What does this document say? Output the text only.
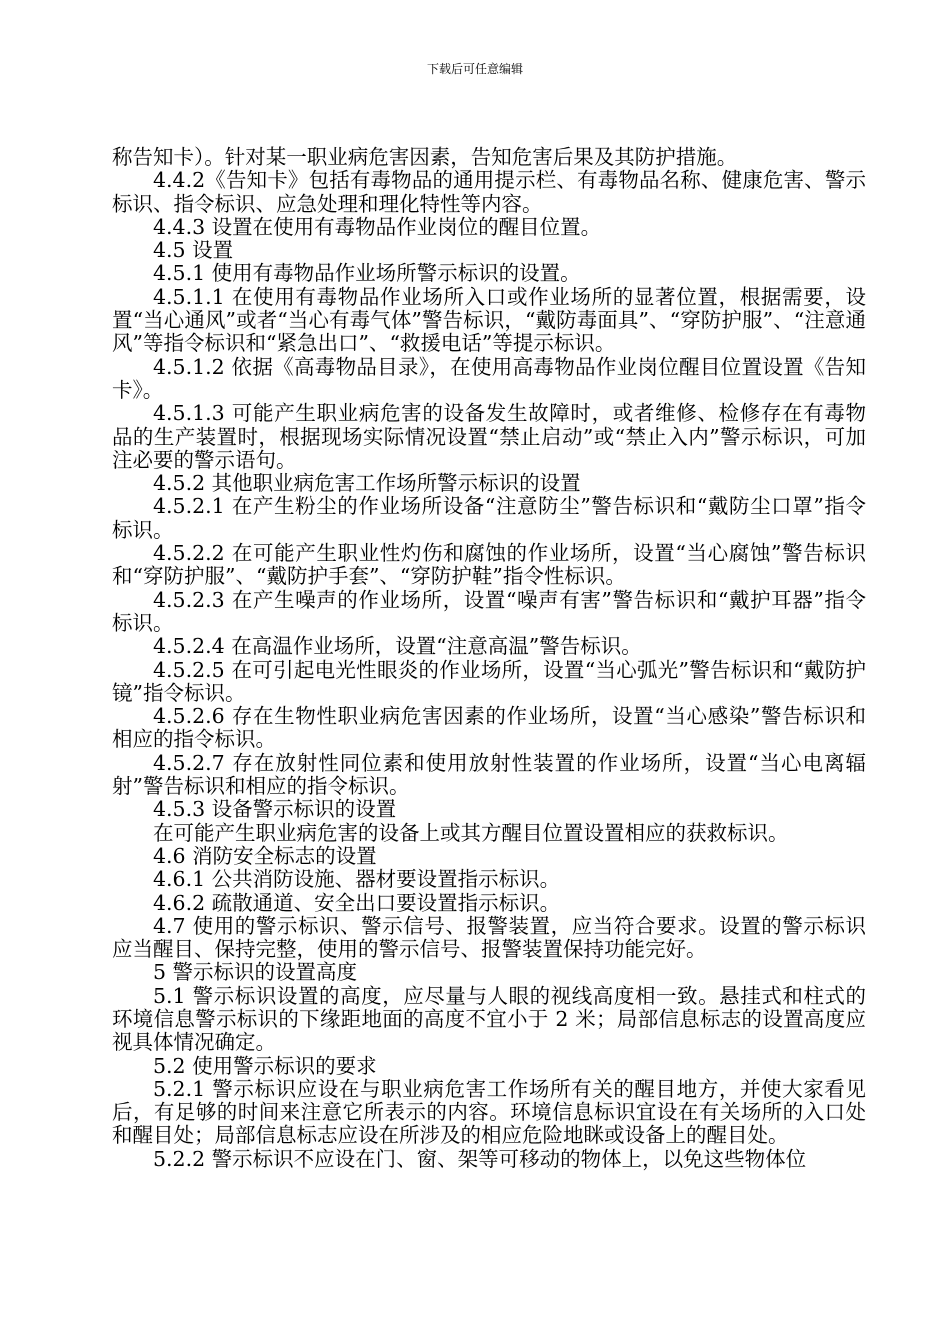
下载后可任意编辑

称告知卡）。针对某一职业病危害因素，告知危害后果及其防护措施。

4.4.2《告知卡》包括有毒物品的通用提示栏、有毒物品名称、健康危害、警示标识、指令标识、应急处理和理化特性等内容。

4.4.3 设置在使用有毒物品作业岗位的醒目位置。

4.5 设置

4.5.1 使用有毒物品作业场所警示标识的设置。

4.5.1.1 在使用有毒物品作业场所入口或作业场所的显著位置，根据需要，设置“当心通风”或者“当心有毒气体”警告标识，“戴防毒面具”、“穿防护服”、“注意通风”等指令标识和“紧急出口”、“救援电话”等提示标识。

4.5.1.2 依据《高毒物品目录》，在使用高毒物品作业岗位醒目位置设置《告知卡》。

4.5.1.3 可能产生职业病危害的设备发生故障时，或者维修、检修存在有毒物品的生产装置时，根据现场实际情况设置“禁止启动”或“禁止入内”警示标识，可加注必要的警示语句。

4.5.2 其他职业病危害工作场所警示标识的设置

4.5.2.1 在产生粉尘的作业场所设备“注意防尘”警告标识和“戴防尘口罩”指令标识。

4.5.2.2 在可能产生职业性灼伤和腐蚀的作业场所，设置“当心腐蚀”警告标识和“穿防护服”、“戴防护手套”、“穿防护鞋”指令性标识。

4.5.2.3 在产生噪声的作业场所，设置“噪声有害”警告标识和“戴护耳器”指令标识。

4.5.2.4 在高温作业场所，设置“注意高温”警告标识。

4.5.2.5 在可引起电光性眼炎的作业场所，设置“当心弧光”警告标识和“戴防护镜”指令标识。

4.5.2.6 存在生物性职业病危害因素的作业场所，设置“当心感染”警告标识和相应的指令标识。

4.5.2.7 存在放射性同位素和使用放射性装置的作业场所，设置“当心电离辐射”警告标识和相应的指令标识。

4.5.3 设备警示标识的设置

在可能产生职业病危害的设备上或其方醒目位置设置相应的获救标识。

4.6 消防安全标志的设置

4.6.1 公共消防设施、器材要设置指示标识。

4.6.2 疏散通道、安全出口要设置指示标识。

4.7 使用的警示标识、警示信号、报警装置，应当符合要求。设置的警示标识应当醒目、保持完整，使用的警示信号、报警装置保持功能完好。

5 警示标识的设置高度

5.1 警示标识设置的高度，应尽量与人眼的视线高度相一致。悬挂式和柱式的环境信息警示标识的下缘距地面的高度不宜小于 2 米；局部信息标志的设置高度应视具体情况确定。

5.2 使用警示标识的要求

5.2.1 警示标识应设在与职业病危害工作场所有关的醒目地方，并使大家看见后，有足够的时间来注意它所表示的内容。环境信息标识宜设在有关场所的入口处和醒目处；局部信息标志应设在所涉及的相应危险地眯或设备上的醒目处。

5.2.2 警示标识不应设在门、窗、架等可移动的物体上，以免这些物体位
